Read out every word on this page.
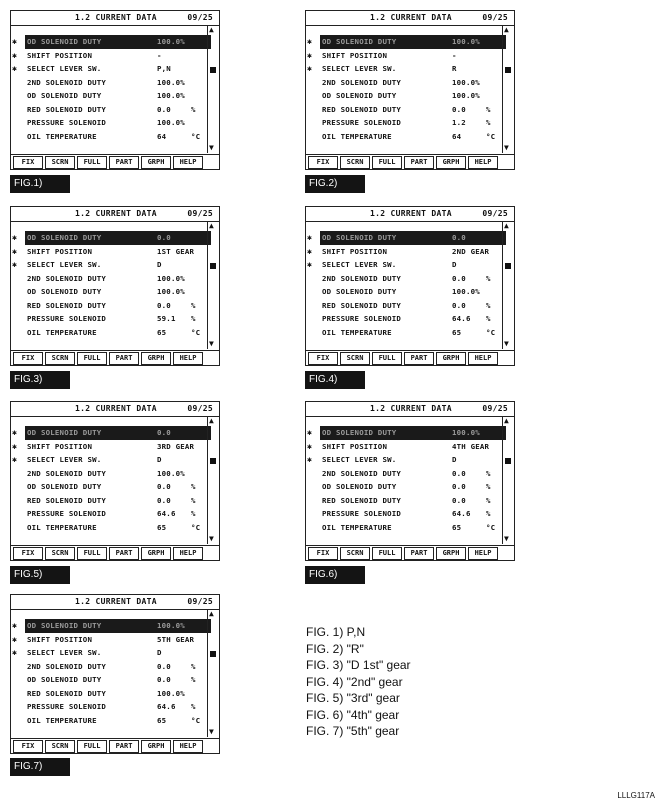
1.2 CURRENT DATA	09/25
✱ OD SOLENOID DUTY	100.0%
✱ SHIFT POSITION	-
✱ SELECT LEVER SW.	P,N
2ND SOLENOID DUTY	100.0%
OD SOLENOID DUTY	100.0%
RED SOLENOID DUTY	0.0	%
PRESSURE SOLENOID	100.0%
OIL TEMPERATURE	64	°C
▲
▼
FIX	SCRN	FULL	PART	GRPH	HELP
FIG.1)
1.2 CURRENT DATA	09/25
✱ OD SOLENOID DUTY	100.0%
✱ SHIFT POSITION	-
✱ SELECT LEVER SW.	R
2ND SOLENOID DUTY	100.0%
OD SOLENOID DUTY	100.0%
RED SOLENOID DUTY	0.0	%
PRESSURE SOLENOID	1.2	%
OIL TEMPERATURE	64	°C
▲
▼
FIX	SCRN	FULL	PART	GRPH	HELP
FIG.2)
1.2 CURRENT DATA	09/25
✱ OD SOLENOID DUTY	0.0
✱ SHIFT POSITION	1ST GEAR
✱ SELECT LEVER SW.	D
2ND SOLENOID DUTY	100.0%
OD SOLENOID DUTY	100.0%
RED SOLENOID DUTY	0.0	%
PRESSURE SOLENOID	59.1 %
OIL TEMPERATURE	65	°C
▲
▼
FIX	SCRN	FULL	PART	GRPH	HELP
FIG.3)
1.2 CURRENT DATA	09/25
✱ OD SOLENOID DUTY	0.0
✱ SHIFT POSITION	2ND GEAR
✱ SELECT LEVER SW.	D
2ND SOLENOID DUTY	0.0	%
OD SOLENOID DUTY	100.0%
RED SOLENOID DUTY	0.0	%
PRESSURE SOLENOID	64.6 %
OIL TEMPERATURE	65	°C
▲
▼
FIX	SCRN	FULL	PART	GRPH	HELP
FIG.4)
1.2 CURRENT DATA	09/25
✱ OD SOLENOID DUTY	0.0
✱ SHIFT POSITION	3RD GEAR
✱ SELECT LEVER SW.	D
2ND SOLENOID DUTY	100.0%
OD SOLENOID DUTY	0.0	%
RED SOLENOID DUTY	0.0	%
PRESSURE SOLENOID	64.6 %
OIL TEMPERATURE	65	°C
▲
▼
FIX	SCRN	FULL	PART	GRPH	HELP
FIG.5)
1.2 CURRENT DATA	09/25
✱ OD SOLENOID DUTY	100.0%
✱ SHIFT POSITION	4TH GEAR
✱ SELECT LEVER SW.	D
2ND SOLENOID DUTY	0.0	%
OD SOLENOID DUTY	0.0	%
RED SOLENOID DUTY	0.0	%
PRESSURE SOLENOID	64.6 %
OIL TEMPERATURE	65	°C
▲
▼
FIX	SCRN	FULL	PART	GRPH	HELP
FIG.6)
1.2 CURRENT DATA	09/25
✱ OD SOLENOID DUTY	100.0%
✱ SHIFT POSITION	5TH GEAR
✱ SELECT LEVER SW.	D
2ND SOLENOID DUTY	0.0	%
OD SOLENOID DUTY	0.0	%
RED SOLENOID DUTY	100.0%
PRESSURE SOLENOID	64.6 %
OIL TEMPERATURE	65	°C
▲
▼
FIX	SCRN	FULL	PART	GRPH	HELP
FIG.7)
FIG. 1) P,N
FIG. 2) "R"
FIG. 3) "D 1st" gear
FIG. 4) "2nd" gear
FIG. 5) "3rd" gear
FIG. 6) "4th" gear
FIG. 7) "5th" gear
LLLG117A
